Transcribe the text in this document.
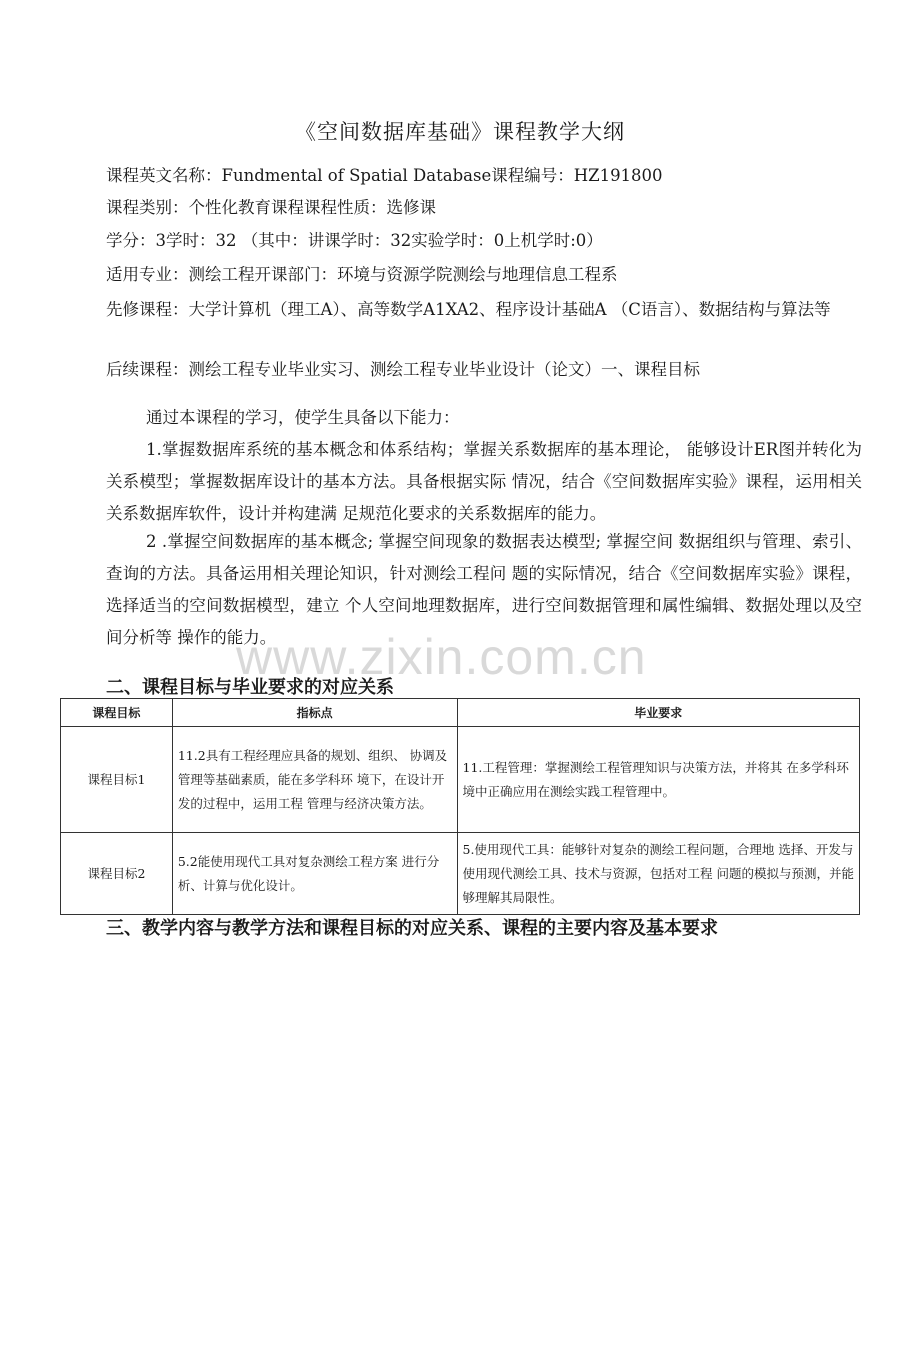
《空间数据库基础》课程教学大纲
课程英文名称：Fundmental of Spatial Database课程编号：HZ191800
课程类别：个性化教育课程课程性质：选修课
学分：3学时：32 （其中：讲课学时：32实验学时：0上机学时:0）
适用专业：测绘工程开课部门：环境与资源学院测绘与地理信息工程系
先修课程：大学计算机（理工A）、高等数学A1XA2、程序设计基础A （C语言）、数据结构与算法等
后续课程：测绘工程专业毕业实习、测绘工程专业毕业设计（论文）一、课程目标
通过本课程的学习，使学生具备以下能力：
1.掌握数据库系统的基本概念和体系结构；掌握关系数据库的基本理论， 能够设计ER图并转化为关系模型；掌握数据库设计的基本方法。具备根据实际 情况，结合《空间数据库实验》课程，运用相关关系数据库软件，设计并构建满 足规范化要求的关系数据库的能力。
2 .掌握空间数据库的基本概念; 掌握空间现象的数据表达模型; 掌握空间 数据组织与管理、索引、查询的方法。具备运用相关理论知识，针对测绘工程问 题的实际情况，结合《空间数据库实验》课程，选择适当的空间数据模型，建立 个人空间地理数据库，进行空间数据管理和属性编辑、数据处理以及空间分析等 操作的能力。
www.zixin.com.cn
二、课程目标与毕业要求的对应关系
课程目标	指标点	毕业要求
课程目标1	11.2具有工程经理应具备的规划、组织、 协调及管理等基础素质，能在多学科环 境下，在设计开发的过程中，运用工程 管理与经济决策方法。	11.工程管理：掌握测绘工程管理知识与决策方法，并将其 在多学科环境中正确应用在测绘实践工程管理中。
课程目标2	5.2能使用现代工具对复杂测绘工程方案 进行分析、计算与优化设计。	5.使用现代工具：能够针对复杂的测绘工程问题，合理地 选择、开发与使用现代测绘工具、技术与资源，包括对工程 问题的模拟与预测，并能够理解其局限性。
三、教学内容与教学方法和课程目标的对应关系、课程的主要内容及基本要求
